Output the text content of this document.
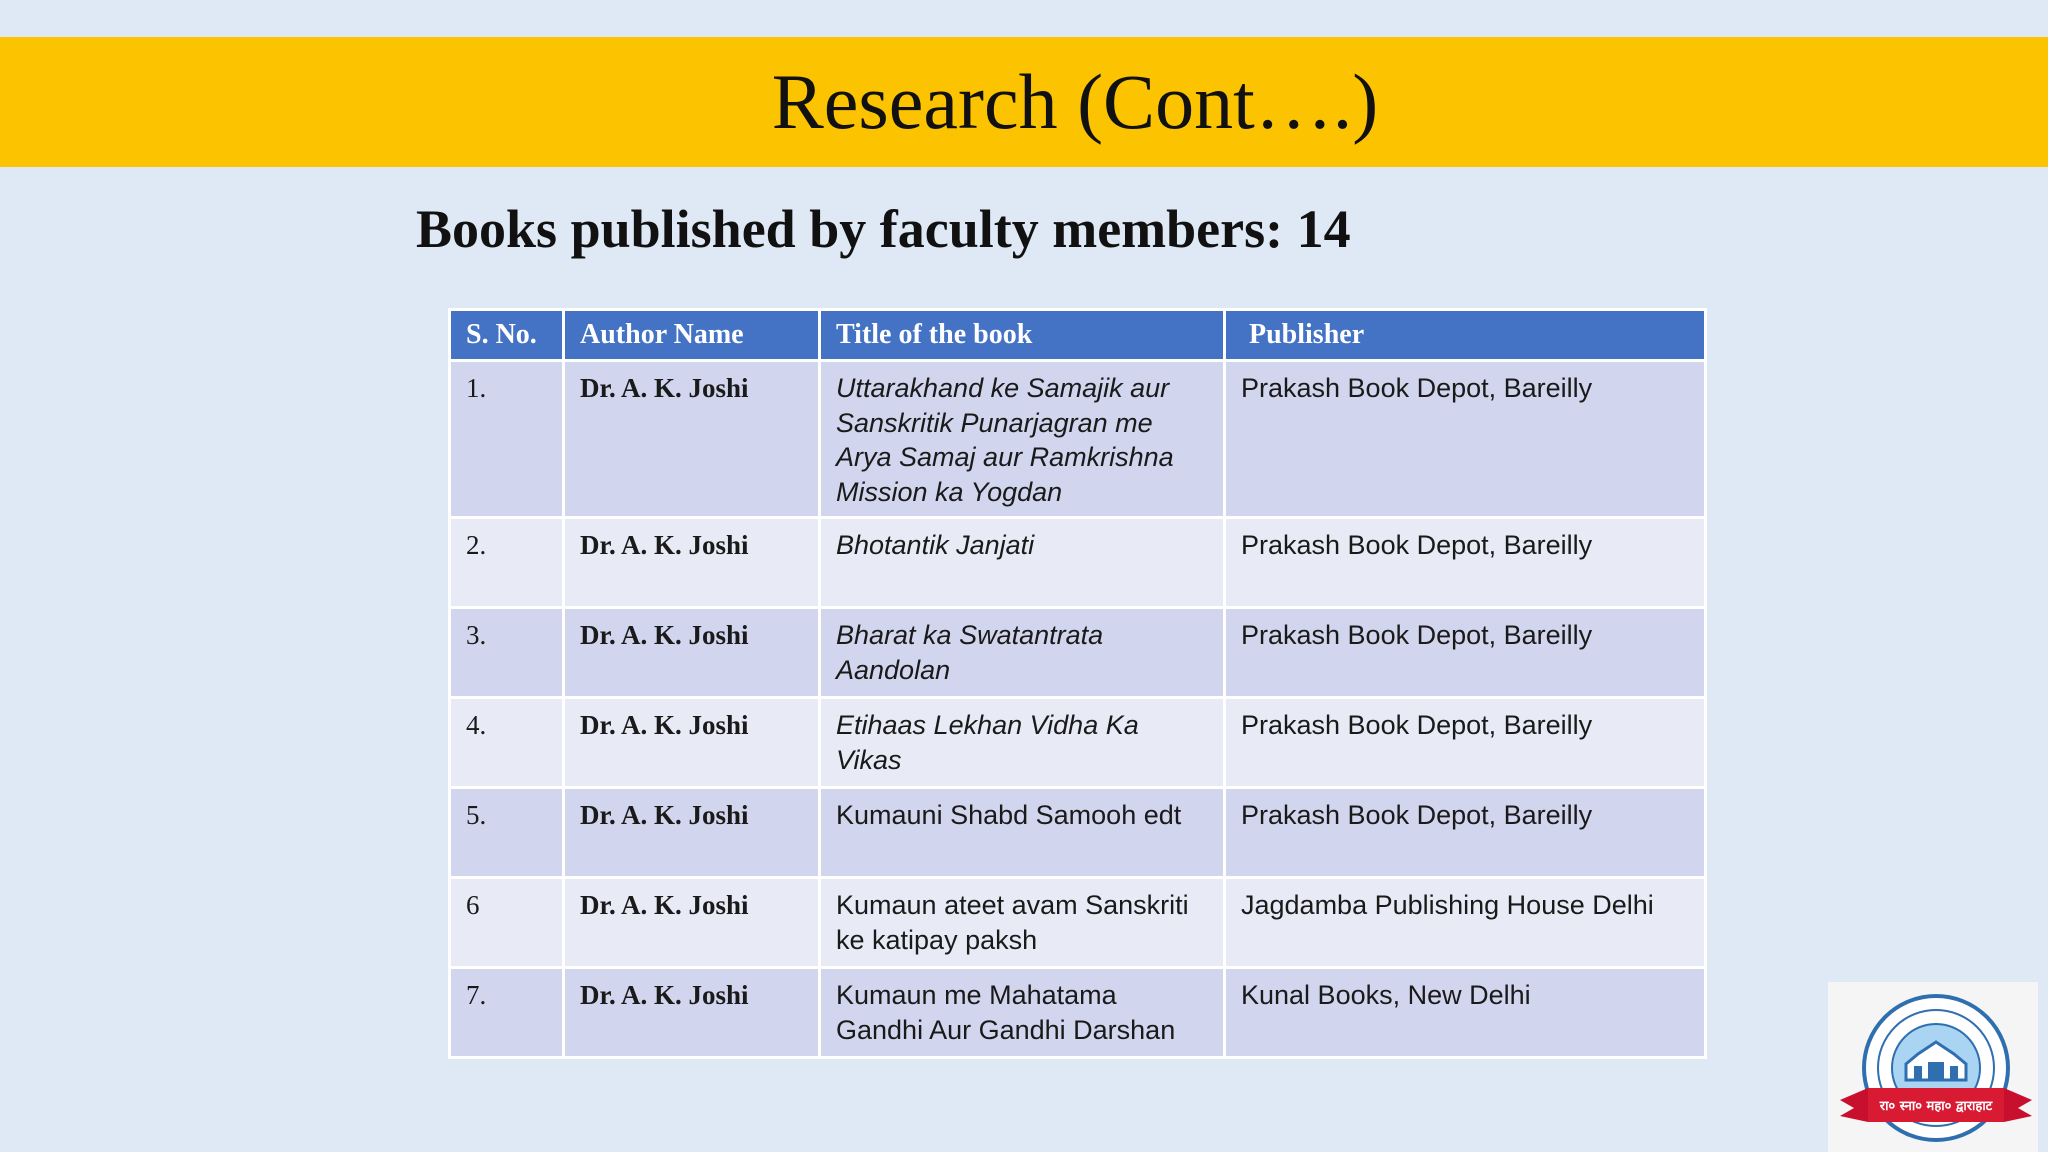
Research (Cont….)
Books published by faculty members: 14
S. No.	Author Name	Title of the book	Publisher
1.	Dr. A. K. Joshi	Uttarakhand ke Samajik aur Sanskritik Punarjagran me Arya Samaj aur Ramkrishna Mission ka Yogdan	Prakash Book Depot, Bareilly
2.	Dr. A. K. Joshi	Bhotantik Janjati	Prakash Book Depot, Bareilly
3.	Dr. A. K. Joshi	Bharat ka Swatantrata Aandolan	Prakash Book Depot, Bareilly
4.	Dr. A. K. Joshi	Etihaas Lekhan Vidha Ka Vikas	Prakash Book Depot, Bareilly
5.	Dr. A. K. Joshi	Kumauni Shabd Samooh edt	Prakash Book Depot, Bareilly
6	Dr. A. K. Joshi	Kumaun ateet avam Sanskriti ke katipay paksh	Jagdamba Publishing House Delhi
7.	Dr. A. K. Joshi	Kumaun me Mahatama Gandhi Aur Gandhi Darshan	Kunal Books, New Delhi
रा० स्ना० महा० द्वाराहाट
